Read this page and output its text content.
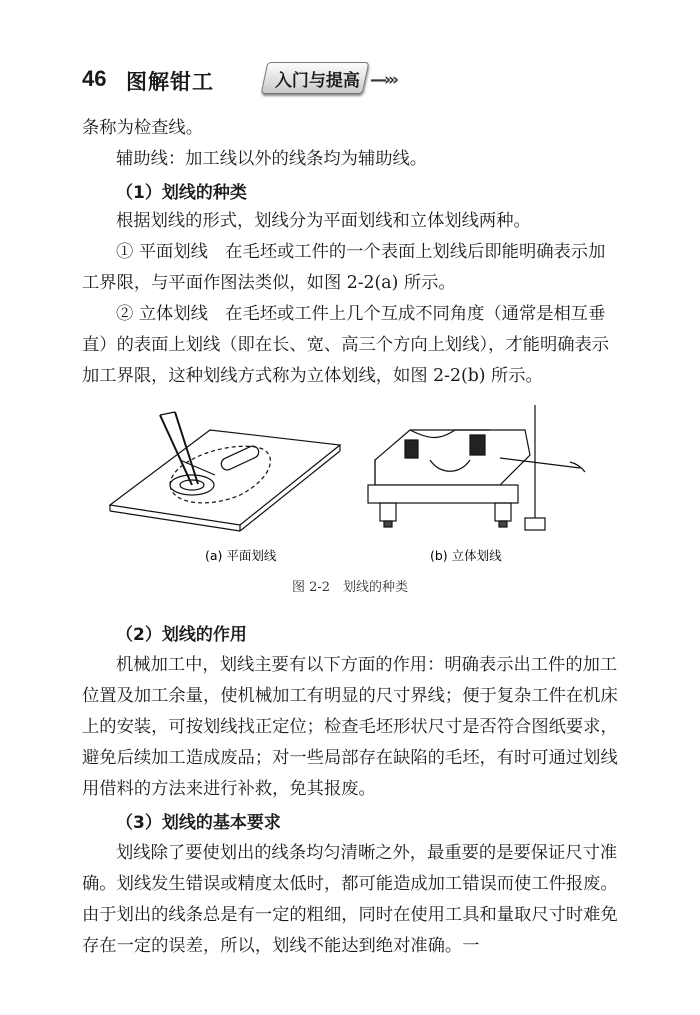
46 图解钳工	入门与提高 —›››

条称为检查线。

辅助线：加工线以外的线条均为辅助线。

（1）划线的种类

根据划线的形式，划线分为平面划线和立体划线两种。

① 平面划线　在毛坯或工件的一个表面上划线后即能明确表示加工界限，与平面作图法类似，如图 2-2(a) 所示。

② 立体划线　在毛坯或工件上几个互成不同角度（通常是相互垂直）的表面上划线（即在长、宽、高三个方向上划线），才能明确表示加工界限，这种划线方式称为立体划线，如图 2-2(b) 所示。

(a) 平面划线	(b) 立体划线
图 2-2　划线的种类
（2）划线的作用

机械加工中，划线主要有以下方面的作用：明确表示出工件的加工位置及加工余量，使机械加工有明显的尺寸界线；便于复杂工件在机床上的安装，可按划线找正定位；检查毛坯形状尺寸是否符合图纸要求，避免后续加工造成废品；对一些局部存在缺陷的毛坯，有时可通过划线用借料的方法来进行补救，免其报废。

（3）划线的基本要求

划线除了要使划出的线条均匀清晰之外，最重要的是要保证尺寸准确。划线发生错误或精度太低时，都可能造成加工错误而使工件报废。由于划出的线条总是有一定的粗细，同时在使用工具和量取尺寸时难免存在一定的误差，所以，划线不能达到绝对准确。一
